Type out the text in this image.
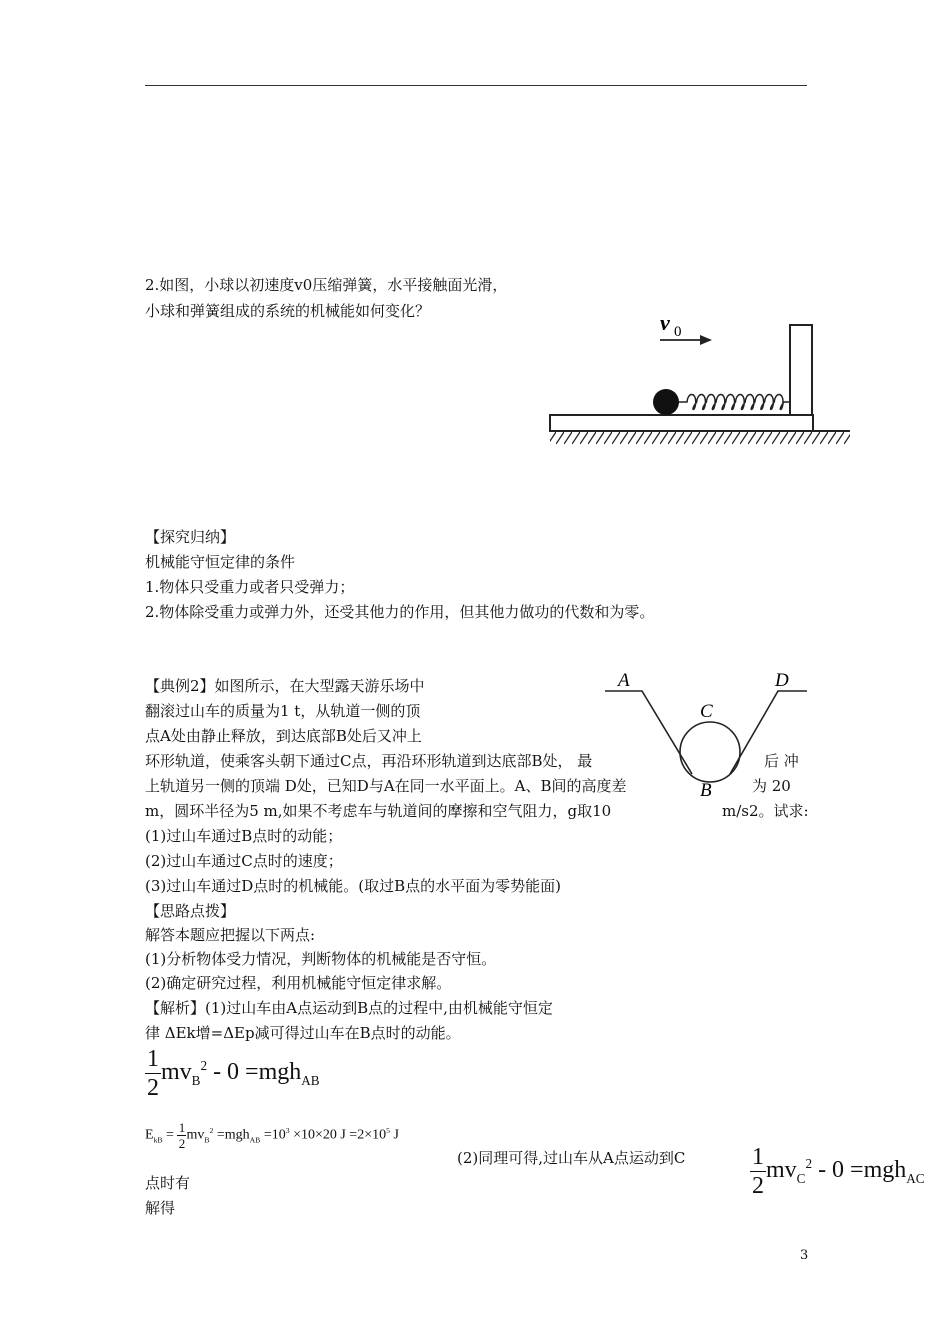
2.如图，小球以初速度v0压缩弹簧，水平接触面光滑，
小球和弹簧组成的系统的机械能如何变化？	v 0
【探究归纳】
机械能守恒定律的条件
1.物体只受重力或者只受弹力；
2.物体除受重力或弹力外，还受其他力的作用，但其他力做功的代数和为零。
【典例2】如图所示，在大型露天游乐场中
翻滚过山车的质量为1 t，从轨道一侧的顶
点A处由静止释放，到达底部B处后又冲上
环形轨道，使乘客头朝下通过C点，再沿环形轨道到达底部B处， 最	后 冲
上轨道另一侧的顶端 D处，已知D与A在同一水平面上。A、B间的高度差	为 20
m，圆环半径为5 m,如果不考虑车与轨道间的摩擦和空气阻力，g取10	m/s2。试求:
(1)过山车通过B点时的动能；
(2)过山车通过C点时的速度；
(3)过山车通过D点时的机械能。(取过B点的水平面为零势能面)
A	D
C
B
【思路点拨】
解答本题应把握以下两点:
(1)分析物体受力情况，判断物体的机械能是否守恒。
(2)确定研究过程，利用机械能守恒定律求解。
【解析】(1)过山车由A点运动到B点的过程中,由机械能守恒定
律 ΔEk增=ΔEp减可得过山车在B点时的动能。
$\frac{1}{2} mv_B^2 - 0 =mgh_{AB}$
$E_{kB} = \frac{1}{2} mv_B^2 =mgh_{AB} =10^3 \times 10\times 20$ $J =2\times 10^5$ J
(2)同理可得,过山车从A点运动到C	$\frac{1}{2} mv_C^2 - 0 =mgh_{AC}$
点时有
解得
3
